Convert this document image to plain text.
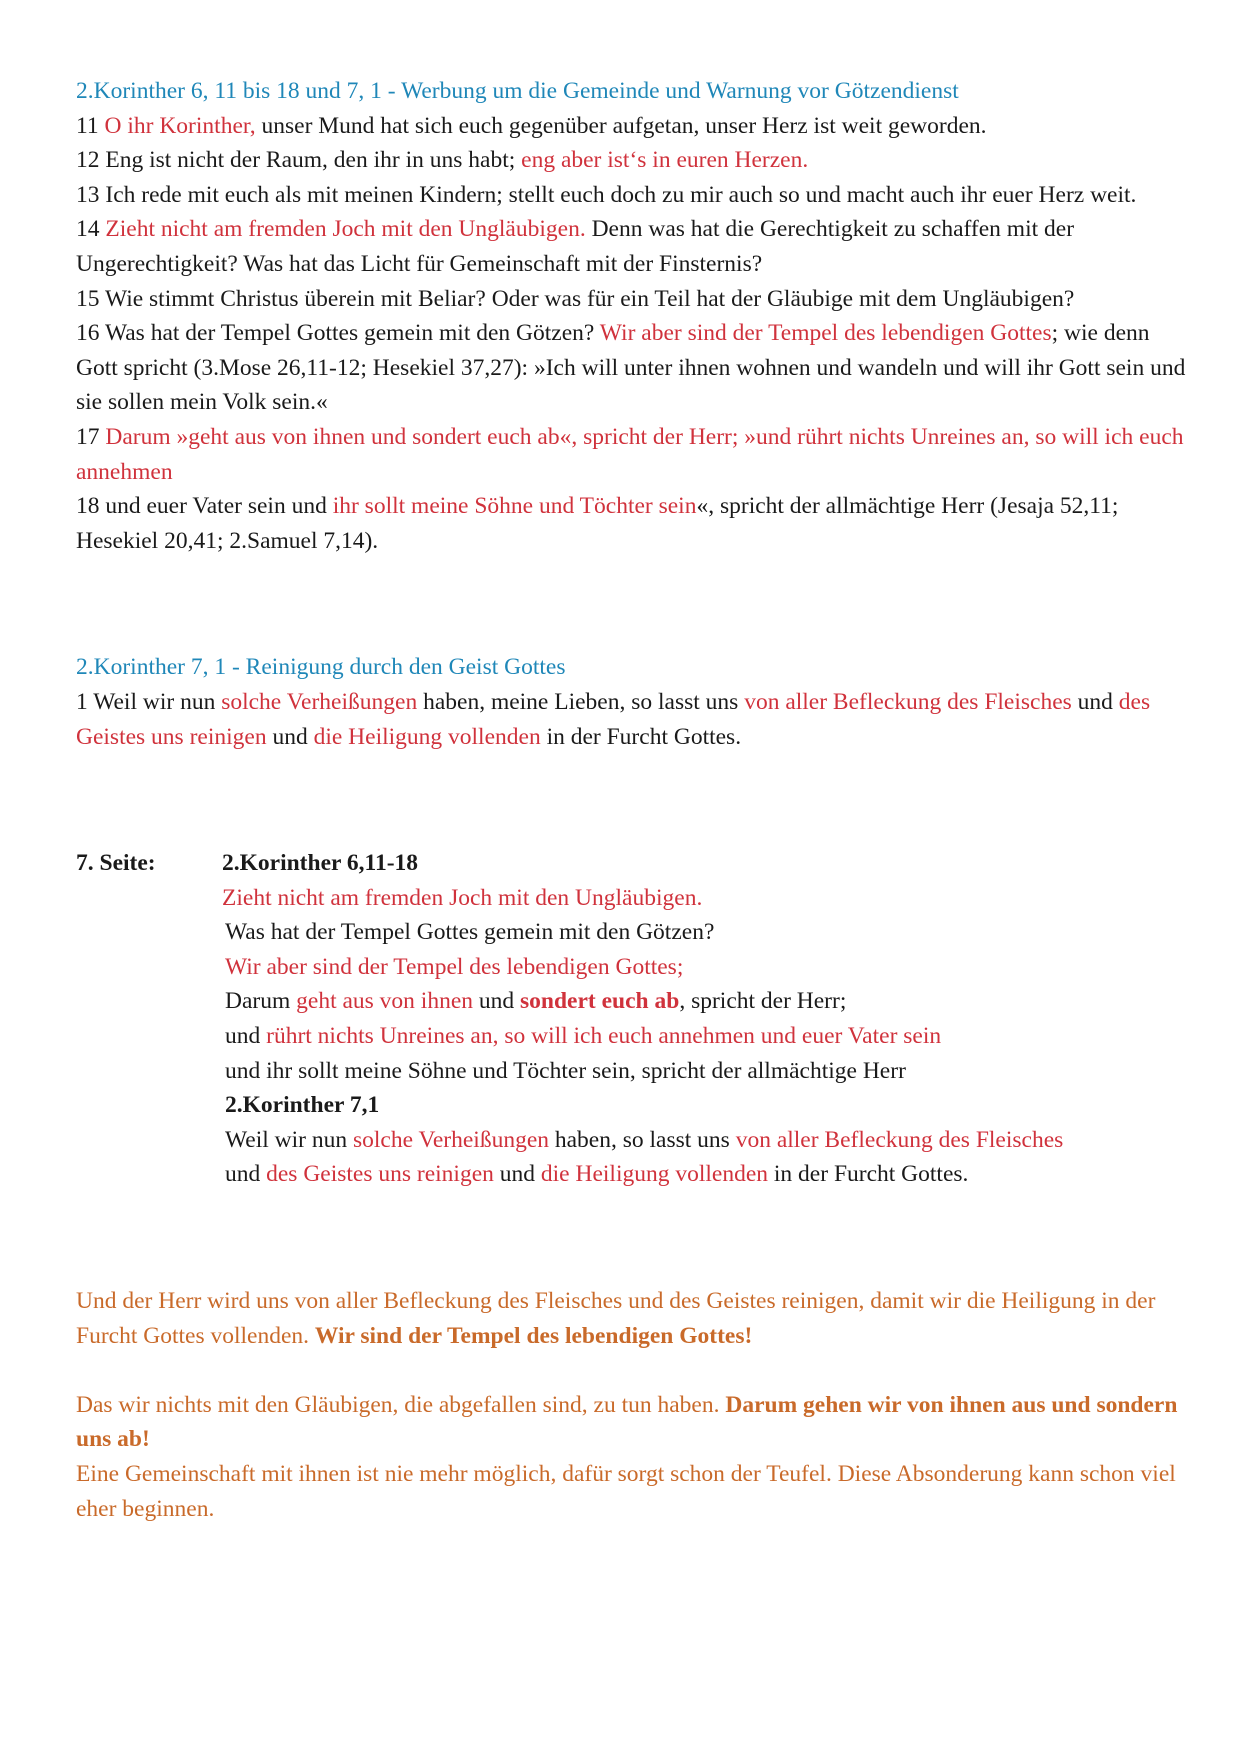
2.Korinther 6, 11 bis 18 und 7, 1 - Werbung um die Gemeinde und Warnung vor Götzendienst

11 O ihr Korinther, unser Mund hat sich euch gegenüber aufgetan, unser Herz ist weit geworden.

12 Eng ist nicht der Raum, den ihr in uns habt; eng aber ist‘s in euren Herzen.

13 Ich rede mit euch als mit meinen Kindern; stellt euch doch zu mir auch so und macht auch ihr euer Herz weit.

14 Zieht nicht am fremden Joch mit den Ungläubigen. Denn was hat die Gerechtigkeit zu schaffen mit der Ungerechtigkeit? Was hat das Licht für Gemeinschaft mit der Finsternis?

15 Wie stimmt Christus überein mit Beliar? Oder was für ein Teil hat der Gläubige mit dem Ungläubigen?

16 Was hat der Tempel Gottes gemein mit den Götzen? Wir aber sind der Tempel des lebendigen Gottes; wie denn Gott spricht (3.Mose 26,11-12; Hesekiel 37,27): »Ich will unter ihnen wohnen und wandeln und will ihr Gott sein und sie sollen mein Volk sein.«

17 Darum »geht aus von ihnen und sondert euch ab«, spricht der Herr; »und rührt nichts Unreines an, so will ich euch annehmen

18 und euer Vater sein und ihr sollt meine Söhne und Töchter sein«, spricht der allmächtige Herr (Jesaja 52,11; Hesekiel 20,41; 2.Samuel 7,14).

2.Korinther 7, 1 - Reinigung durch den Geist Gottes

1 Weil wir nun solche Verheißungen haben, meine Lieben, so lasst uns von aller Befleckung des Fleisches und des Geistes uns reinigen und die Heiligung vollenden in der Furcht Gottes.

7. Seite:	2.Korinther 6,11-18

Zieht nicht am fremden Joch mit den Ungläubigen.

Was hat der Tempel Gottes gemein mit den Götzen?

Wir aber sind der Tempel des lebendigen Gottes;

Darum geht aus von ihnen und sondert euch ab, spricht der Herr;

und rührt nichts Unreines an, so will ich euch annehmen und euer Vater sein

und ihr sollt meine Söhne und Töchter sein, spricht der allmächtige Herr

2.Korinther 7,1

Weil wir nun solche Verheißungen haben, so lasst uns von aller Befleckung des Fleisches

und des Geistes uns reinigen und die Heiligung vollenden in der Furcht Gottes.

Und der Herr wird uns von aller Befleckung des Fleisches und des Geistes reinigen, damit wir die Heiligung in der Furcht Gottes vollenden. Wir sind der Tempel des lebendigen Gottes!

Das wir nichts mit den Gläubigen, die abgefallen sind, zu tun haben. Darum gehen wir von ihnen aus und sondern uns ab!

Eine Gemeinschaft mit ihnen ist nie mehr möglich, dafür sorgt schon der Teufel. Diese Absonderung kann schon viel eher beginnen.
